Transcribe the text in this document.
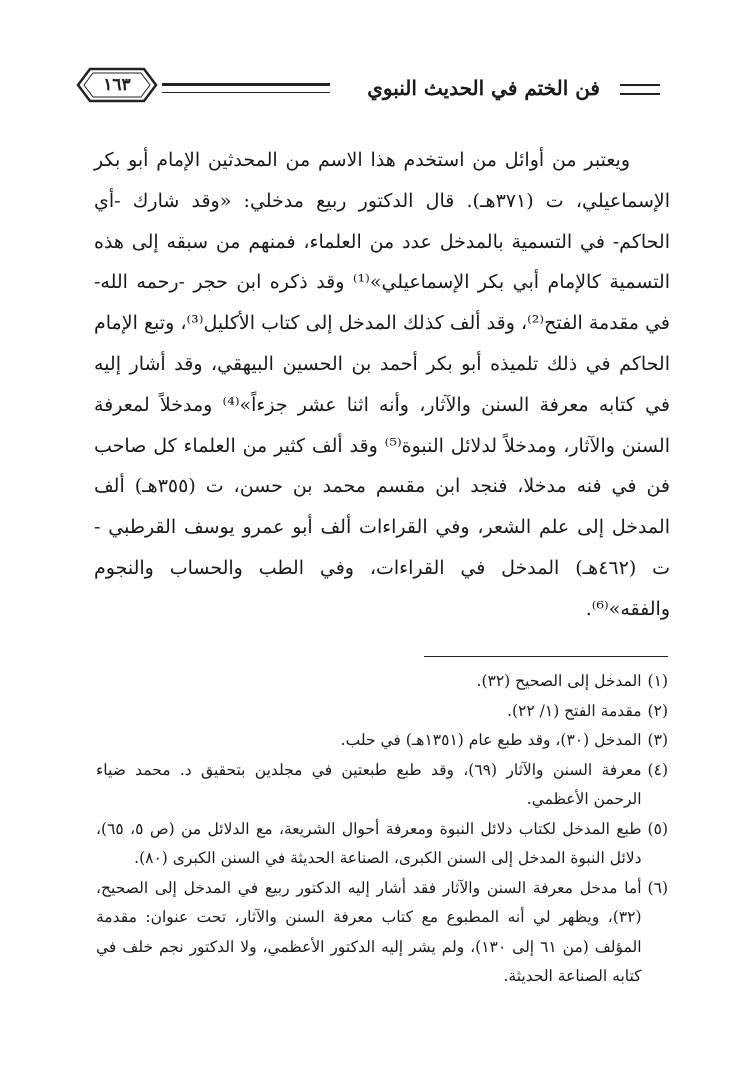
فن الختم في الحديث النبوي
١٦٣

ويعتبر من أوائل من استخدم هذا الاسم من المحدثين الإمام أبو بكر الإسماعيلي، ت (٣٧١هـ). قال الدكتور ربيع مدخلي: «وقد شارك -أي الحاكم- في التسمية بالمدخل عدد من العلماء، فمنهم من سبقه إلى هذه التسمية كالإمام أبي بكر الإسماعيلي»⁽¹⁾ وقد ذكره ابن حجر -رحمه الله- في مقدمة الفتح⁽²⁾، وقد ألف كذلك المدخل إلى كتاب الأكليل⁽³⁾، وتبع الإمام الحاكم في ذلك تلميذه أبو بكر أحمد بن الحسين البيهقي، وقد أشار إليه في كتابه معرفة السنن والآثار، وأنه اثنا عشر جزءاً»⁽⁴⁾ ومدخلاً لمعرفة السنن والآثار، ومدخلاً لدلائل النبوة⁽⁵⁾ وقد ألف كثير من العلماء كل صاحب فن في فنه مدخلا، فنجد ابن مقسم محمد بن حسن، ت (٣٥٥هـ) ألف المدخل إلى علم الشعر، وفي القراءات ألف أبو عمرو يوسف القرطبي - ت (٤٦٢هـ) المدخل في القراءات، وفي الطب والحساب والنجوم والفقه»⁽⁶⁾.

(١)
المدخل إلى الصحيح (٣٢).
(٢)
مقدمة الفتح (١/ ٢٢).
(٣)
المدخل (٣٠)، وقد طبع عام (١٣٥١هـ) في حلب.
(٤)
معرفة السنن والآثار (٦٩)، وقد طبع طبعتين في مجلدين بتحقيق د. محمد ضياء الرحمن الأعظمي.
(٥)
طبع المدخل لكتاب دلائل النبوة ومعرفة أحوال الشريعة، مع الدلائل من (ص ٥، ٦٥)، دلائل النبوة المدخل إلى السنن الكبرى، الصناعة الحديثة في السنن الكبرى (٨٠).
(٦)
أما مدخل معرفة السنن والآثار فقد أشار إليه الدكتور ربيع في المدخل إلى الصحيح، (٣٢)، ويظهر لي أنه المطبوع مع كتاب معرفة السنن والآثار، تحت عنوان: مقدمة المؤلف (من ٦١ إلى ١٣٠)، ولم يشر إليه الدكتور الأعظمي، ولا الدكتور نجم خلف في كتابه الصناعة الحديثة.
